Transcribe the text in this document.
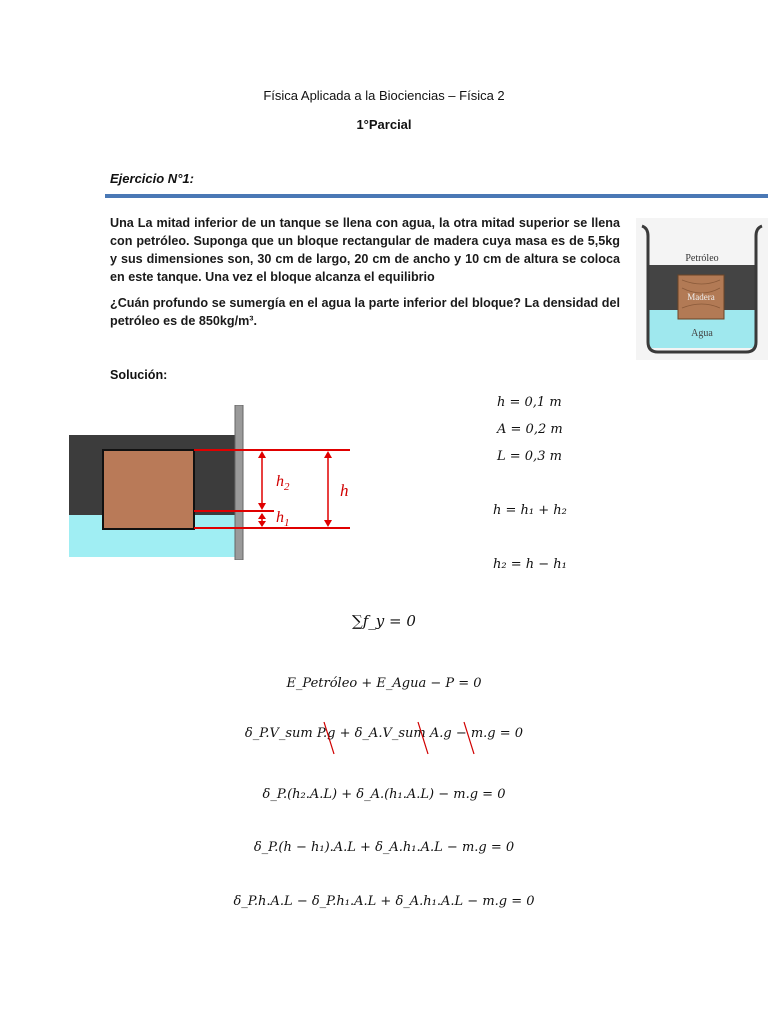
Física Aplicada a la Biociencias – Física 2
1°Parcial
Ejercicio N°1:
Una La mitad inferior de un tanque se llena con agua, la otra mitad superior se llena con petróleo. Suponga que un bloque rectangular de madera cuya masa es de 5,5kg y sus dimensiones son, 30 cm de largo, 20 cm de ancho y 10 cm de altura se coloca en este tanque. Una vez el bloque alcanza el equilibrio
¿Cuán profundo se sumergía en el agua la parte inferior del bloque? La densidad del petróleo es de 850kg/m³.
Petróleo
Madera
Agua
Solución:
$h_2$
$h_1$
h
h = 0,1 m
A = 0,2 m
L = 0,3 m
h = h₁ + h₂
h₂ = h − h₁
∑f_y = 0
E_Petróleo + E_Agua − P = 0
δ_P.V_sum P.g + δ_A.V_sum A.g − m.g = 0
δ_P.(h₂.A.L) + δ_A.(h₁.A.L) − m.g = 0
δ_P.(h − h₁).A.L + δ_A.h₁.A.L − m.g = 0
δ_P.h.A.L − δ_P.h₁.A.L + δ_A.h₁.A.L − m.g = 0
